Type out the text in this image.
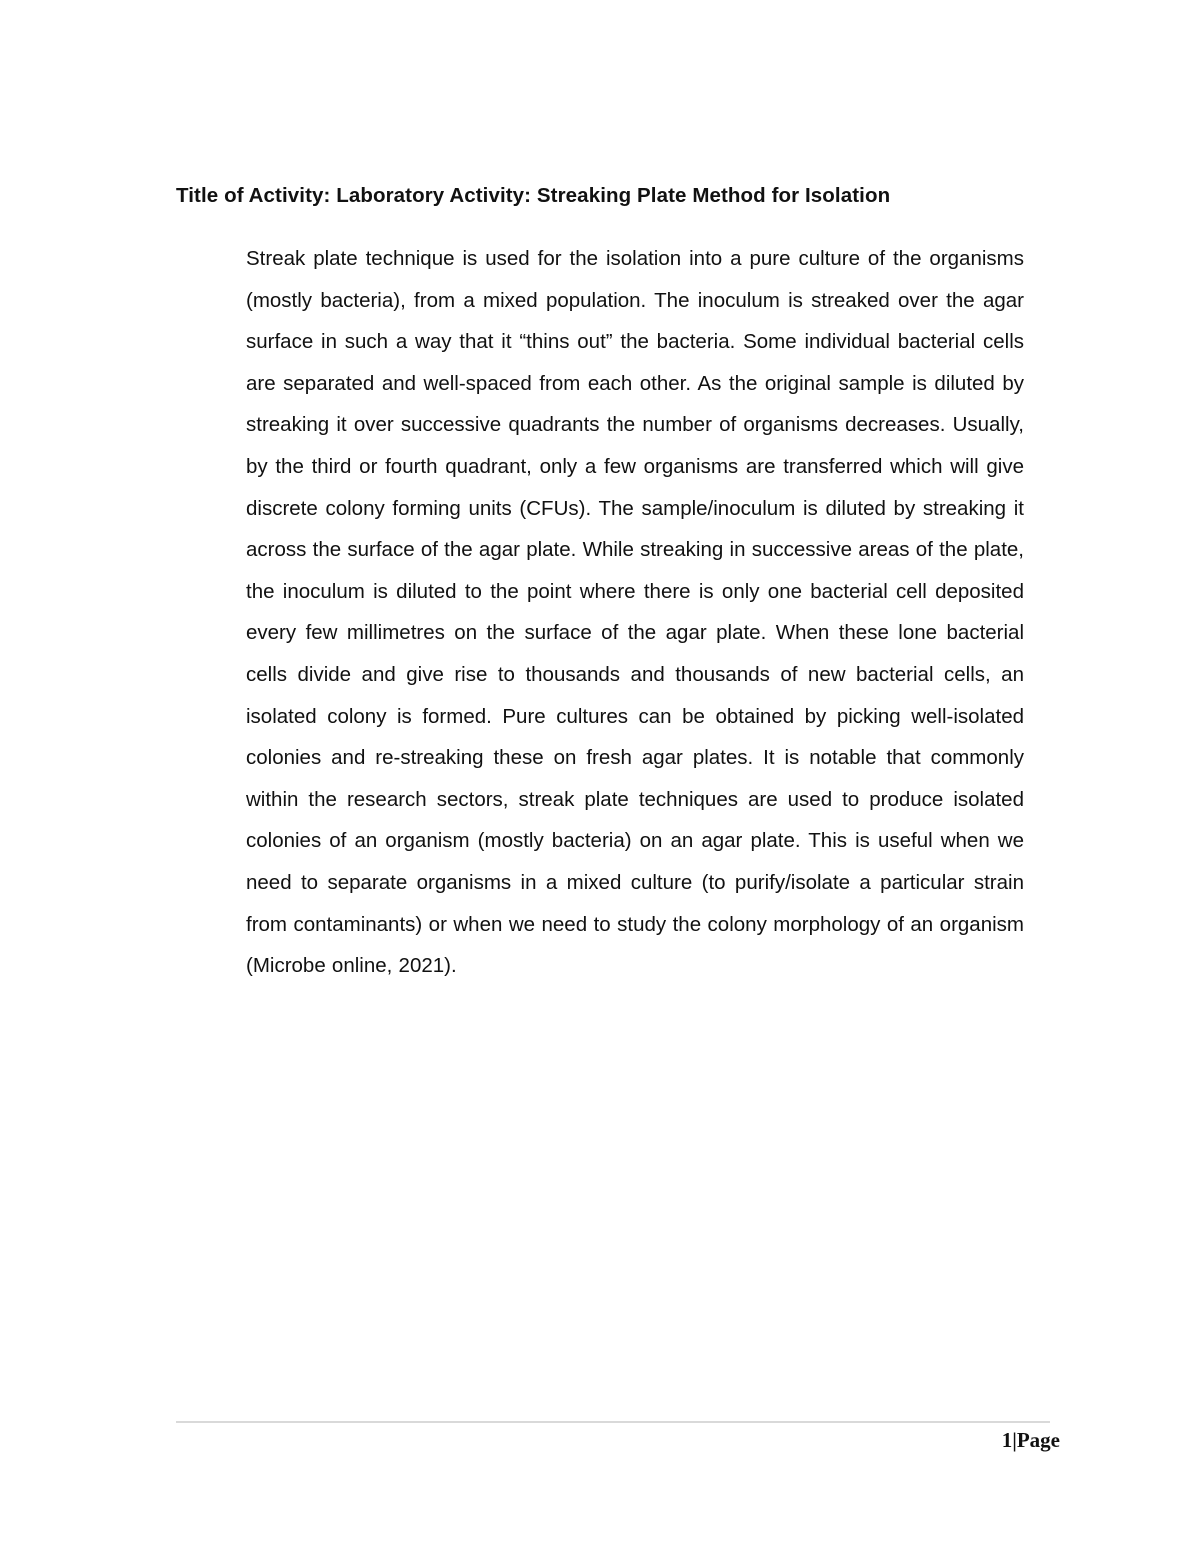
Title of Activity: Laboratory Activity: Streaking Plate Method for Isolation

Streak plate technique is used for the isolation into a pure culture of the organisms (mostly bacteria), from a mixed population. The inoculum is streaked over the agar surface in such a way that it “thins out” the bacteria. Some individual bacterial cells are separated and well-spaced from each other. As the original sample is diluted by streaking it over successive quadrants the number of organisms decreases. Usually, by the third or fourth quadrant, only a few organisms are transferred which will give discrete colony forming units (CFUs). The sample/inoculum is diluted by streaking it across the surface of the agar plate. While streaking in successive areas of the plate, the inoculum is diluted to the point where there is only one bacterial cell deposited every few millimetres on the surface of the agar plate. When these lone bacterial cells divide and give rise to thousands and thousands of new bacterial cells, an isolated colony is formed. Pure cultures can be obtained by picking well-isolated colonies and re-streaking these on fresh agar plates. It is notable that commonly within the research sectors, streak plate techniques are used to produce isolated colonies of an organism (mostly bacteria) on an agar plate. This is useful when we need to separate organisms in a mixed culture (to purify/isolate a particular strain from contaminants) or when we need to study the colony morphology of an organism (Microbe online, 2021).

1|Page
